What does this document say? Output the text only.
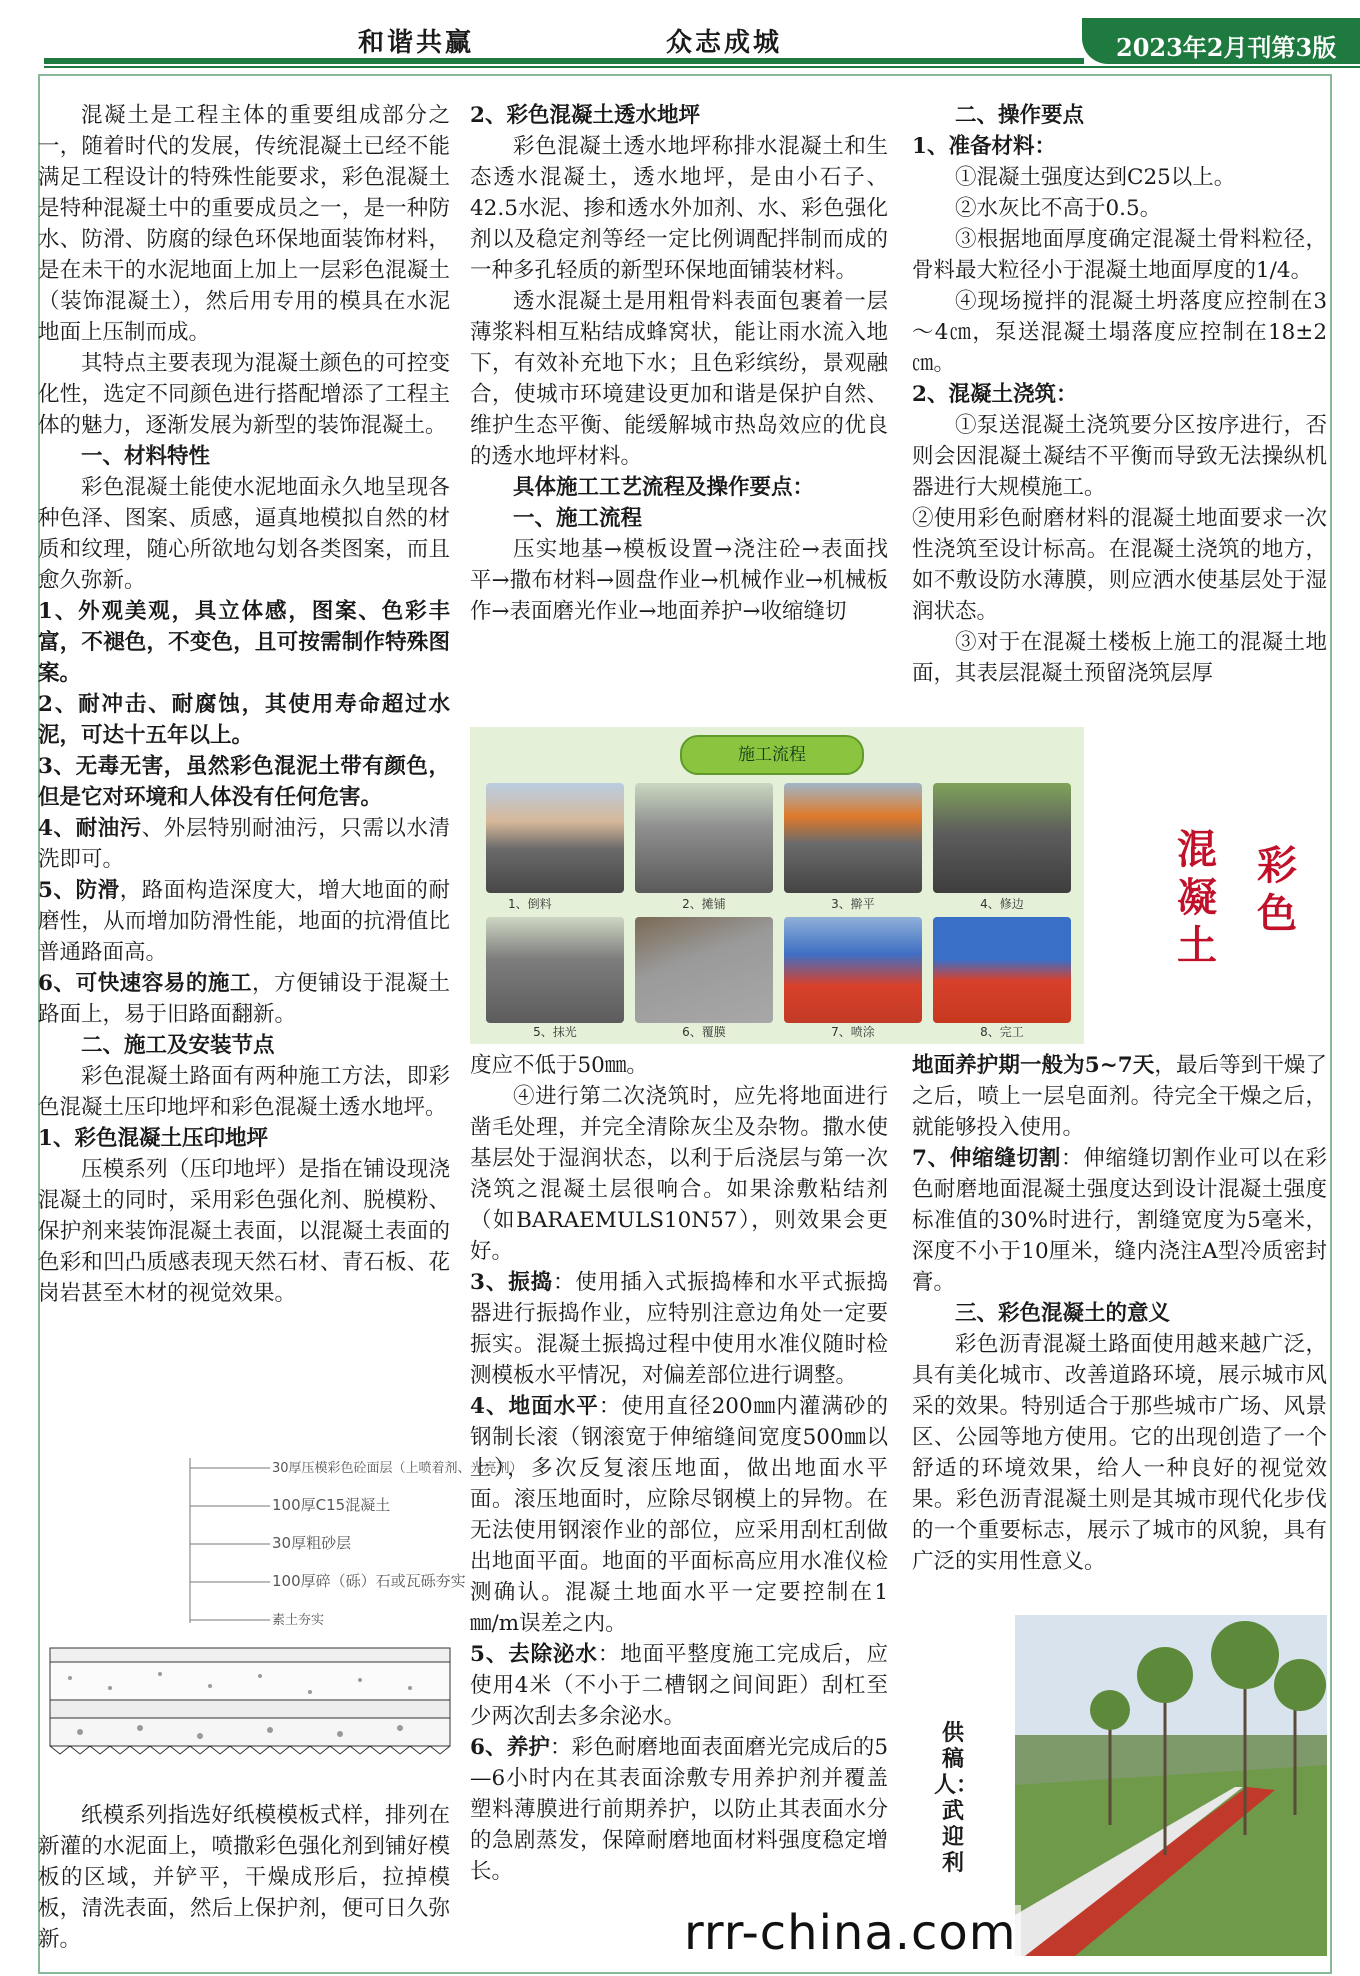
和谐共赢	众志成城	2023年2月刊第3版

混凝土是工程主体的重要组成部分之一，随着时代的发展，传统混凝土已经不能满足工程设计的特殊性能要求，彩色混凝土是特种混凝土中的重要成员之一，是一种防水、防滑、防腐的绿色环保地面装饰材料，是在未干的水泥地面上加上一层彩色混凝土（装饰混凝土），然后用专用的模具在水泥地面上压制而成。

其特点主要表现为混凝土颜色的可控变化性，选定不同颜色进行搭配增添了工程主体的魅力，逐渐发展为新型的装饰混凝土。

一、材料特性

彩色混凝土能使水泥地面永久地呈现各种色泽、图案、质感，逼真地模拟自然的材质和纹理，随心所欲地勾划各类图案，而且愈久弥新。

1、外观美观，具立体感，图案、色彩丰富，不褪色，不变色，且可按需制作特殊图案。

2、耐冲击、耐腐蚀，其使用寿命超过水泥，可达十五年以上。

3、无毒无害，虽然彩色混泥土带有颜色，但是它对环境和人体没有任何危害。

4、耐油污、外层特别耐油污，只需以水清洗即可。

5、防滑，路面构造深度大，增大地面的耐磨性，从而增加防滑性能，地面的抗滑值比普通路面高。

6、可快速容易的施工，方便铺设于混凝土路面上，易于旧路面翻新。

二、施工及安装节点

彩色混凝土路面有两种施工方法，即彩色混凝土压印地坪和彩色混凝土透水地坪。

1、彩色混凝土压印地坪

压模系列（压印地坪）是指在铺设现浇混凝土的同时，采用彩色强化剂、脱模粉、保护剂来装饰混凝土表面，以混凝土表面的色彩和凹凸质感表现天然石材、青石板、花岗岩甚至木材的视觉效果。

30厚压模彩色砼面层（上喷着剂、光亮剂）
100厚C15混凝土
30厚粗砂层
100厚碎（砾）石或瓦砾夯实
素土夯实

纸模系列指选好纸模模板式样，排列在新灌的水泥面上，喷撒彩色强化剂到铺好模板的区域，并铲平，干燥成形后，拉掉模板，清洗表面，然后上保护剂，便可日久弥新。

2、彩色混凝土透水地坪

彩色混凝土透水地坪称排水混凝土和生态透水混凝土，透水地坪，是由小石子、42.5水泥、掺和透水外加剂、水、彩色强化剂以及稳定剂等经一定比例调配拌制而成的一种多孔轻质的新型环保地面铺装材料。

透水混凝土是用粗骨料表面包裹着一层薄浆料相互粘结成蜂窝状，能让雨水流入地下，有效补充地下水；且色彩缤纷，景观融合，使城市环境建设更加和谐是保护自然、维护生态平衡、能缓解城市热岛效应的优良的透水地坪材料。

具体施工工艺流程及操作要点：

一、施工流程

压实地基→模板设置→浇注砼→表面找平→撒布材料→圆盘作业→机械作业→机械板作→表面磨光作业→地面养护→收缩缝切

施工流程
1、倒料	2、摊铺	3、擀平	4、修边
5、抹光	6、覆膜	7、喷涂	8、完工

二、操作要点

1、准备材料：

①混凝土强度达到C25以上。

②水灰比不高于0.5。

③根据地面厚度确定混凝土骨料粒径，骨料最大粒径小于混凝土地面厚度的1/4。

④现场搅拌的混凝土坍落度应控制在3～4㎝，泵送混凝土塌落度应控制在18±2㎝。

2、混凝土浇筑：

①泵送混凝土浇筑要分区按序进行，否则会因混凝土凝结不平衡而导致无法操纵机器进行大规模施工。

②使用彩色耐磨材料的混凝土地面要求一次性浇筑至设计标高。在混凝土浇筑的地方，如不敷设防水薄膜，则应洒水使基层处于湿润状态。

③对于在混凝土楼板上施工的混凝土地面，其表层混凝土预留浇筑层厚

彩色
混凝土

度应不低于50㎜。

④进行第二次浇筑时，应先将地面进行凿毛处理，并完全清除灰尘及杂物。撒水使基层处于湿润状态，以利于后浇层与第一次浇筑之混凝土层很响合。如果涂敷粘结剂（如BARAEMULS10N57），则效果会更好。

3、振捣：使用插入式振捣棒和水平式振捣器进行振捣作业，应特别注意边角处一定要振实。混凝土振捣过程中使用水准仪随时检测模板水平情况，对偏差部位进行调整。

4、地面水平：使用直径200㎜内灌满砂的钢制长滚（钢滚宽于伸缩缝间宽度500㎜以上），多次反复滚压地面，做出地面水平面。滚压地面时，应除尽钢模上的异物。在无法使用钢滚作业的部位，应采用刮杠刮做出地面平面。地面的平面标高应用水准仪检测确认。混凝土地面水平一定要控制在1㎜/m误差之内。

5、去除泌水：地面平整度施工完成后，应使用4米（不小于二槽钢之间间距）刮杠至少两次刮去多余泌水。

6、养护：彩色耐磨地面表面磨光完成后的5—6小时内在其表面涂敷专用养护剂并覆盖塑料薄膜进行前期养护，以防止其表面水分的急剧蒸发，保障耐磨地面材料强度稳定增长。

地面养护期一般为5~7天，最后等到干燥了之后，喷上一层皂面剂。待完全干燥之后，就能够投入使用。

7、伸缩缝切割：伸缩缝切割作业可以在彩色耐磨地面混凝土强度达到设计混凝土强度标准值的30%时进行，割缝宽度为5毫米，深度不小于10厘米，缝内浇注A型冷质密封膏。

三、彩色混凝土的意义

彩色沥青混凝土路面使用越来越广泛，具有美化城市、改善道路环境，展示城市风采的效果。特别适合于那些城市广场、风景区、公园等地方使用。它的出现创造了一个舒适的环境效果，给人一种良好的视觉效果。彩色沥青混凝土则是其城市现代化步伐的一个重要标志，展示了城市的风貌，具有广泛的实用性意义。

供稿人：武迎利
rrr-china.com
